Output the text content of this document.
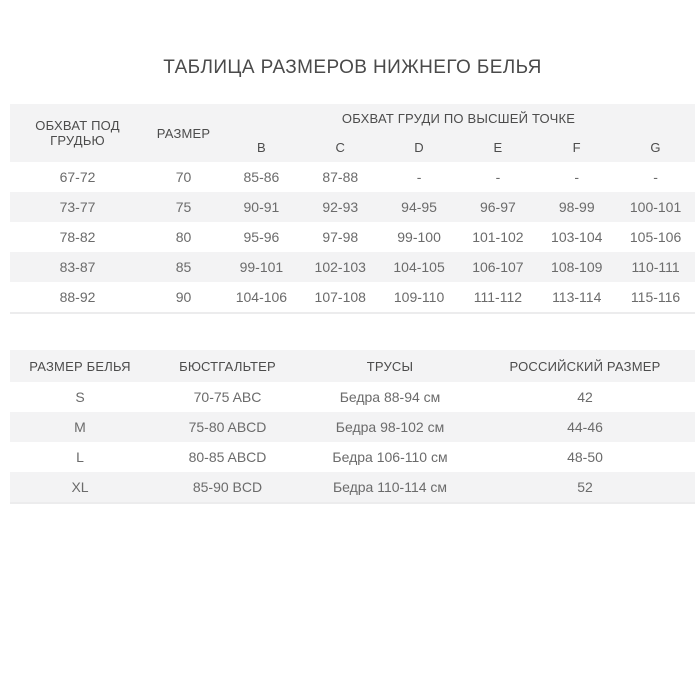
ТАБЛИЦА РАЗМЕРОВ НИЖНЕГО БЕЛЬЯ
ОБХВАТ ПОД ГРУДЬЮ	РАЗМЕР	ОБХВАТ ГРУДИ ПО ВЫСШЕЙ ТОЧКЕ					
		B	C	D	E	F	G
67-72	70	85-86	87-88	-	-	-	-
73-77	75	90-91	92-93	94-95	96-97	98-99	100-101
78-82	80	95-96	97-98	99-100	101-102	103-104	105-106
83-87	85	99-101	102-103	104-105	106-107	108-109	110-111
88-92	90	104-106	107-108	109-110	111-112	113-114	115-116
РАЗМЕР БЕЛЬЯ	БЮСТГАЛЬТЕР	ТРУСЫ	РОССИЙСКИЙ РАЗМЕР
S	70-75 ABC	Бедра 88-94 см	42
M	75-80 ABCD	Бедра 98-102 см	44-46
L	80-85 ABCD	Бедра 106-110 см	48-50
XL	85-90 BCD	Бедра 110-114 см	52
